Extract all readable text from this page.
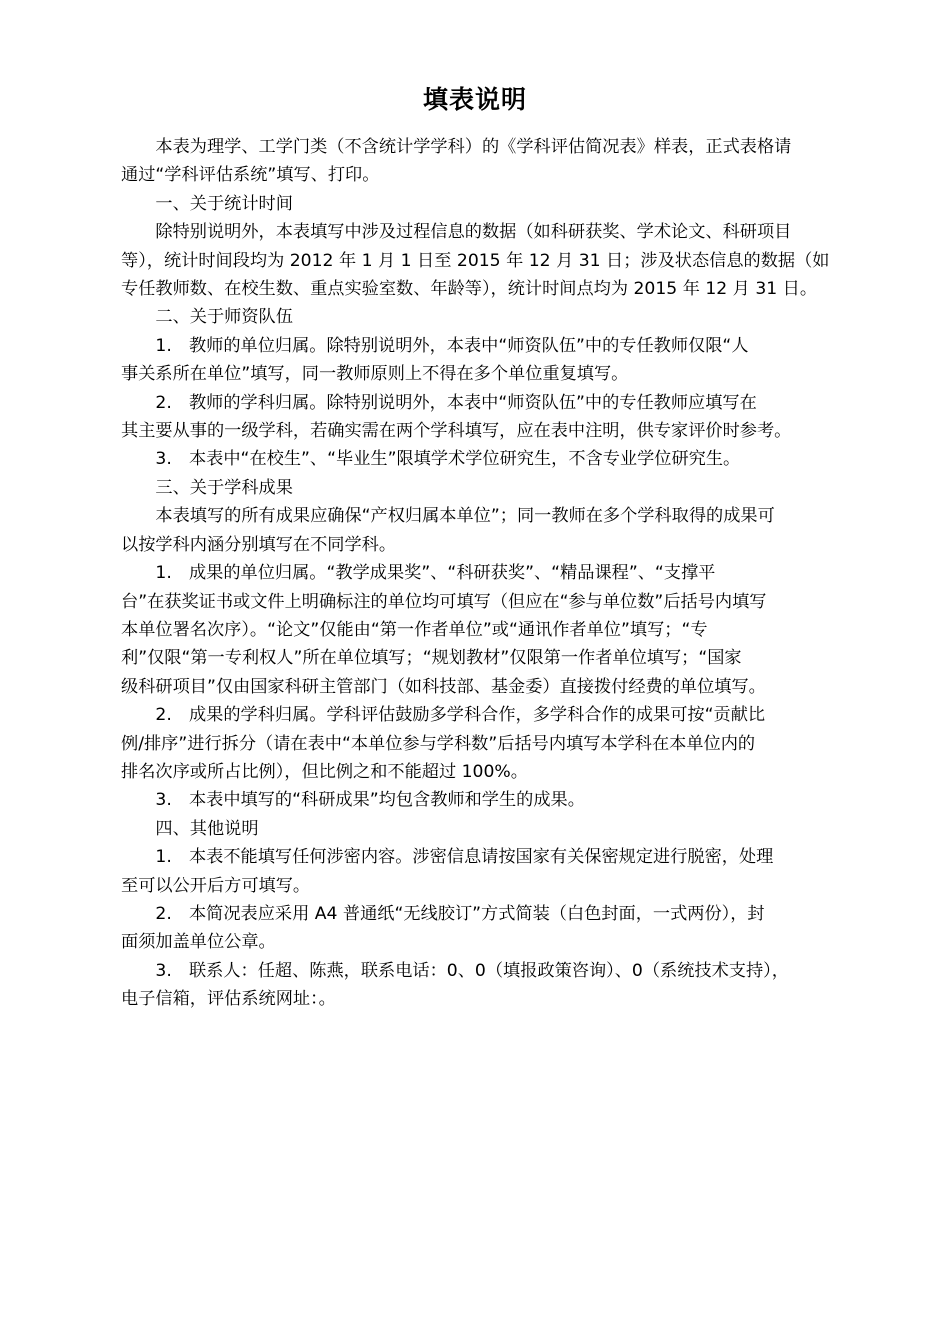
填表说明

本表为理学、工学门类（不含统计学学科）的《学科评估简况表》样表，正式表格请
通过“学科评估系统”填写、打印。

一、关于统计时间

除特别说明外，本表填写中涉及过程信息的数据（如科研获奖、学术论文、科研项目
等），统计时间段均为 2012 年 1 月 1 日至 2015 年 12 月 31 日；涉及状态信息的数据（如
专任教师数、在校生数、重点实验室数、年龄等），统计时间点均为 2015 年 12 月 31 日。

二、关于师资队伍

1.　教师的单位归属。除特别说明外，本表中“师资队伍”中的专任教师仅限“人
事关系所在单位”填写，同一教师原则上不得在多个单位重复填写。

2.　教师的学科归属。除特别说明外，本表中“师资队伍”中的专任教师应填写在
其主要从事的一级学科，若确实需在两个学科填写，应在表中注明，供专家评价时参考。

3.　本表中“在校生”、“毕业生”限填学术学位研究生，不含专业学位研究生。

三、关于学科成果

本表填写的所有成果应确保“产权归属本单位”；同一教师在多个学科取得的成果可
以按学科内涵分别填写在不同学科。

1.　成果的单位归属。“教学成果奖”、“科研获奖”、“精品课程”、“支撑平
台”在获奖证书或文件上明确标注的单位均可填写（但应在“参与单位数”后括号内填写
本单位署名次序）。“论文”仅能由“第一作者单位”或“通讯作者单位”填写；“专
利”仅限“第一专利权人”所在单位填写；“规划教材”仅限第一作者单位填写；“国家
级科研项目”仅由国家科研主管部门（如科技部、基金委）直接拨付经费的单位填写。

2.　成果的学科归属。学科评估鼓励多学科合作，多学科合作的成果可按“贡献比
例/排序”进行拆分（请在表中“本单位参与学科数”后括号内填写本学科在本单位内的
排名次序或所占比例），但比例之和不能超过 100%。

3.　本表中填写的“科研成果”均包含教师和学生的成果。

四、其他说明

1.　本表不能填写任何涉密内容。涉密信息请按国家有关保密规定进行脱密，处理
至可以公开后方可填写。

2.　本简况表应采用 A4 普通纸“无线胶订”方式简装（白色封面，一式两份），封
面须加盖单位公章。

3.　联系人：任超、陈燕，联系电话：0、0（填报政策咨询）、0（系统技术支持），
电子信箱，评估系统网址：。
